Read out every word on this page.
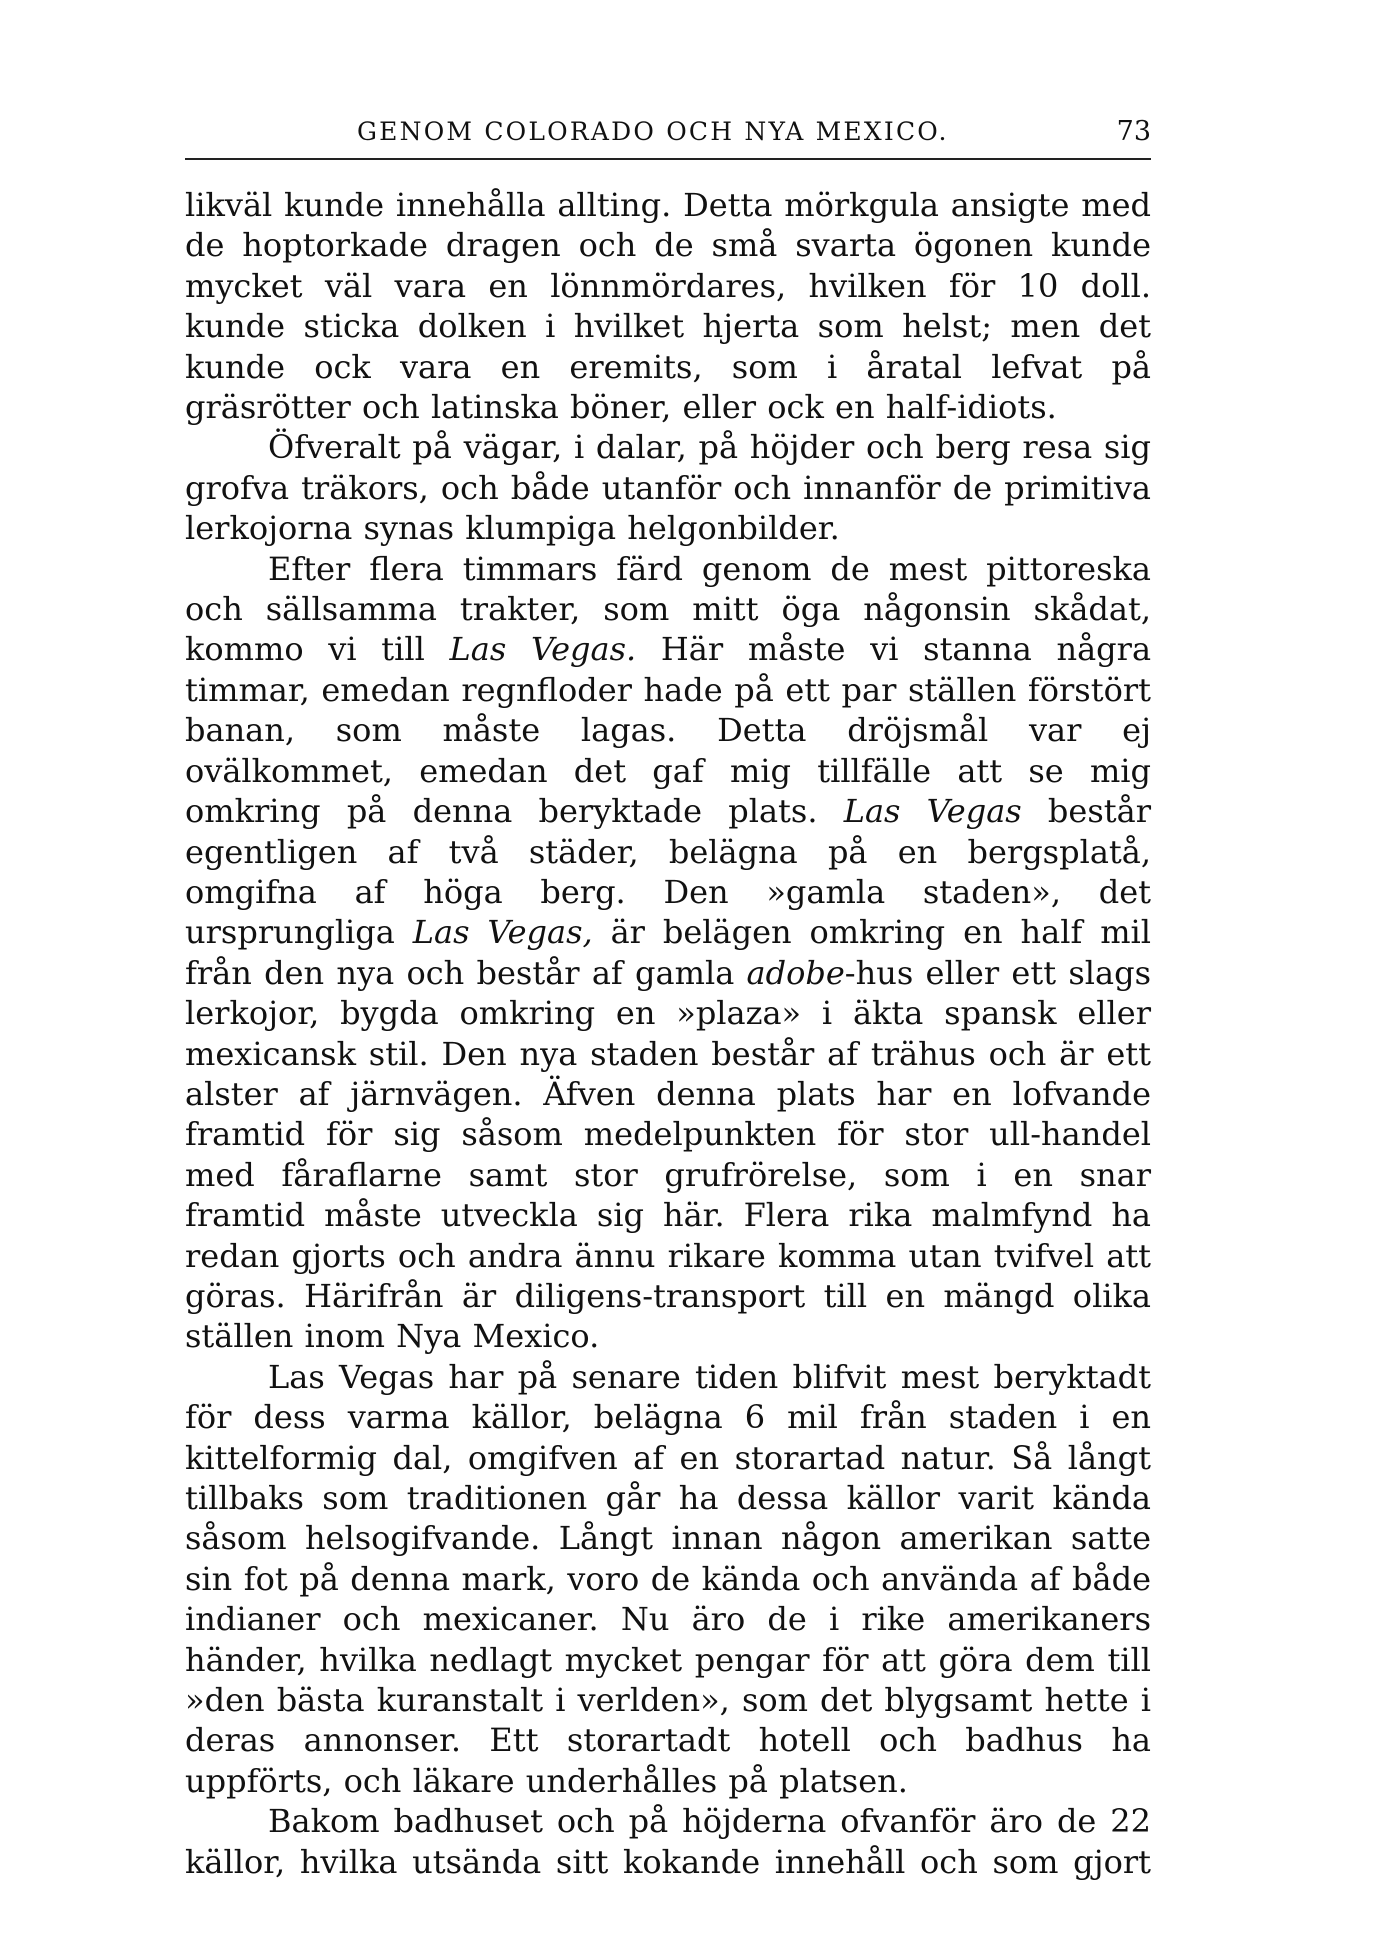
GENOM COLORADO OCH NYA MEXICO.	73

likväl kunde innehålla allting. Detta mörkgula ansigte med de hoptorkade dragen och de små svarta ögonen kunde mycket väl vara en lönnmördares, hvilken för 10 doll. kunde sticka dolken i hvilket hjerta som helst; men det kunde ock vara en eremits, som i åratal lefvat på gräsrötter och latinska böner, eller ock en half-idiots.

Öfveralt på vägar, i dalar, på höjder och berg resa sig grofva träkors, och både utanför och innanför de primitiva lerkojorna synas klumpiga helgonbilder.

Efter flera timmars färd genom de mest pittoreska och sällsamma trakter, som mitt öga någonsin skådat, kommo vi till Las Vegas. Här måste vi stanna några timmar, emedan regnfloder hade på ett par ställen förstört banan, som måste lagas. Detta dröjsmål var ej ovälkommet, emedan det gaf mig tillfälle att se mig omkring på denna beryktade plats. Las Vegas består egentligen af två städer, belägna på en bergsplatå, omgifna af höga berg. Den »gamla staden», det ursprungliga Las Vegas, är belägen omkring en half mil från den nya och består af gamla adobe-hus eller ett slags lerkojor, bygda omkring en »plaza» i äkta spansk eller mexicansk stil. Den nya staden består af trähus och är ett alster af järnvägen. Äfven denna plats har en lofvande framtid för sig såsom medelpunkten för stor ull-handel med fåraflarne samt stor grufrörelse, som i en snar framtid måste utveckla sig här. Flera rika malmfynd ha redan gjorts och andra ännu rikare komma utan tvifvel att göras. Härifrån är diligens-transport till en mängd olika ställen inom Nya Mexico.

Las Vegas har på senare tiden blifvit mest beryktadt för dess varma källor, belägna 6 mil från staden i en kittelformig dal, omgifven af en storartad natur. Så långt tillbaks som traditionen går ha dessa källor varit kända såsom helsogifvande. Långt innan någon amerikan satte sin fot på denna mark, voro de kända och använda af både indianer och mexicaner. Nu äro de i rike amerikaners händer, hvilka nedlagt mycket pengar för att göra dem till »den bästa kuranstalt i verlden», som det blygsamt hette i deras annonser. Ett storartadt hotell och badhus ha uppförts, och läkare underhålles på platsen.

Bakom badhuset och på höjderna ofvanför äro de 22 källor, hvilka utsända sitt kokande innehåll och som gjort
